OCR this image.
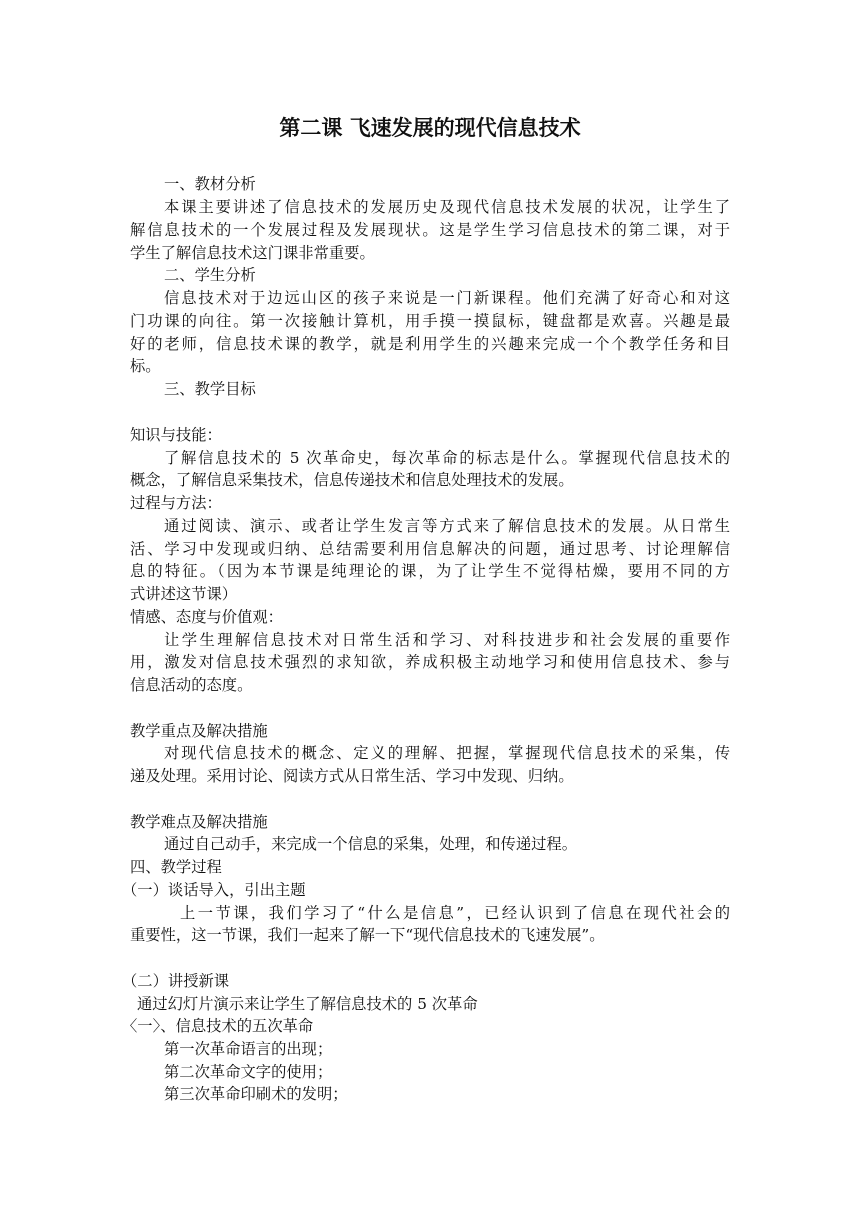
第二课 飞速发展的现代信息技术
一、教材分析
本课主要讲述了信息技术的发展历史及现代信息技术发展的状况，让学生了
解信息技术的一个发展过程及发展现状。这是学生学习信息技术的第二课，对于
学生了解信息技术这门课非常重要。
二、学生分析
信息技术对于边远山区的孩子来说是一门新课程。他们充满了好奇心和对这
门功课的向往。第一次接触计算机，用手摸一摸鼠标，键盘都是欢喜。兴趣是最
好的老师，信息技术课的教学，就是利用学生的兴趣来完成一个个教学任务和目
标。
三、教学目标
知识与技能：
了解信息技术的 5 次革命史，每次革命的标志是什么。掌握现代信息技术的
概念，了解信息采集技术，信息传递技术和信息处理技术的发展。
过程与方法：
通过阅读、演示、或者让学生发言等方式来了解信息技术的发展。从日常生
活、学习中发现或归纳、总结需要利用信息解决的问题，通过思考、讨论理解信
息的特征。（因为本节课是纯理论的课，为了让学生不觉得枯燥，要用不同的方
式讲述这节课）
情感、态度与价值观：
让学生理解信息技术对日常生活和学习、对科技进步和社会发展的重要作
用，激发对信息技术强烈的求知欲，养成积极主动地学习和使用信息技术、参与
信息活动的态度。
教学重点及解决措施
对现代信息技术的概念、定义的理解、把握，掌握现代信息技术的采集，传
递及处理。采用讨论、阅读方式从日常生活、学习中发现、归纳。
教学难点及解决措施
通过自己动手，来完成一个信息的采集，处理，和传递过程。
四、教学过程
（一）谈话导入，引出主题
上一节课，我们学习了“什么是信息”，已经认识到了信息在现代社会的
重要性，这一节课，我们一起来了解一下“现代信息技术的飞速发展”。
（二）讲授新课
通过幻灯片演示来让学生了解信息技术的 5 次革命
〈一〉、信息技术的五次革命
第一次革命语言的出现；
第二次革命文字的使用；
第三次革命印刷术的发明；
